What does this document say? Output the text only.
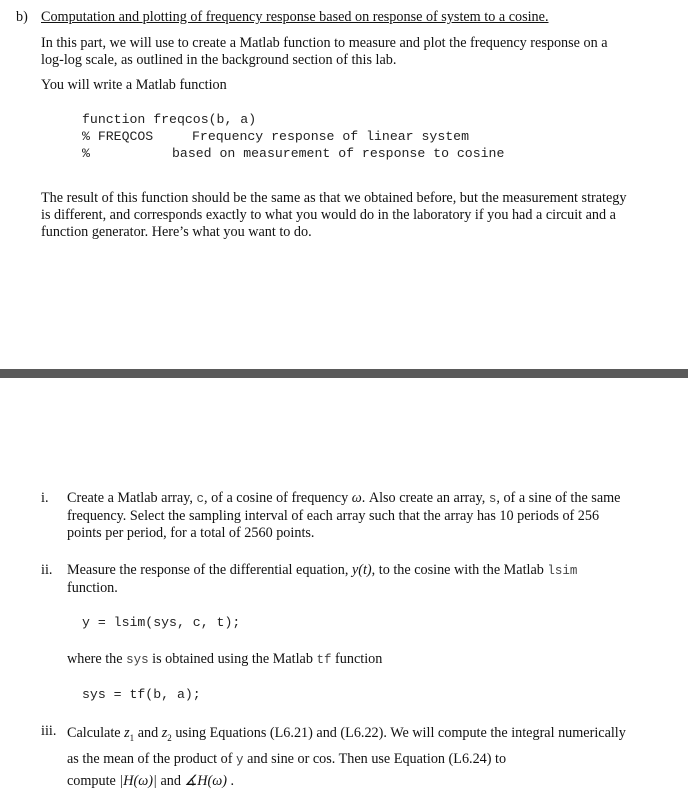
b) Computation and plotting of frequency response based on response of system to a cosine.
In this part, we will use to create a Matlab function to measure and plot the frequency response on a
log-log scale, as outlined in the background section of this lab.
You will write a Matlab function
function freqcos(b, a)
% FREQCOS	Frequency response of linear system
%	based on measurement of response to cosine
The result of this function should be the same as that we obtained before, but the measurement strategy
is different, and corresponds exactly to what you would do in the laboratory if you had a circuit and a
function generator. Here’s what you want to do.
i. Create a Matlab array, c, of a cosine of frequency ω. Also create an array, s, of a sine of the same
frequency. Select the sampling interval of each array such that the array has 10 periods of 256
points per period, for a total of 2560 points.
ii. Measure the response of the differential equation, y(t), to the cosine with the Matlab lsim
function.
y = lsim(sys, c, t);
where the sys is obtained using the Matlab tf function
sys = tf(b, a);
iii. Calculate $z_1$ and $z_2$ using Equations (L6.21) and (L6.22). We will compute the integral numerically
as the mean of the product of y and sine or cos. Then use Equation (L6.24) to
compute |H(ω)| and ∡H(ω) .
